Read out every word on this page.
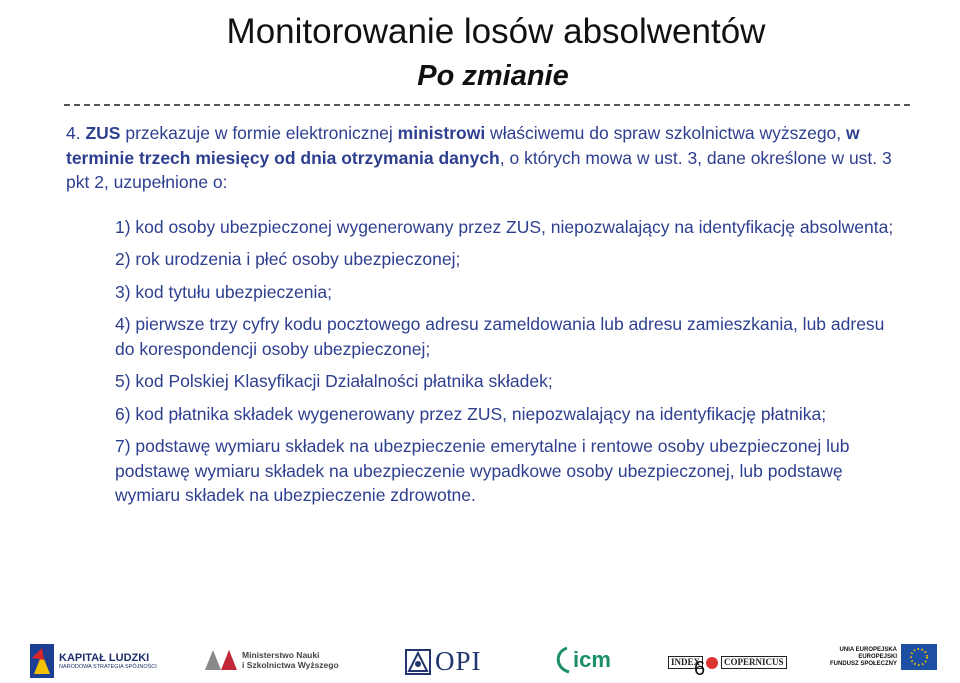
Monitorowanie losów absolwentów
Po zmianie

4. ZUS przekazuje w formie elektronicznej ministrowi właściwemu do spraw szkolnictwa wyższego, w terminie trzech miesięcy od dnia otrzymania danych, o których mowa w ust. 3, dane określone w ust. 3 pkt 2, uzupełnione o:

1) kod osoby ubezpieczonej wygenerowany przez ZUS, niepozwalający na identyfikację absolwenta;
2) rok urodzenia i płeć osoby ubezpieczonej;
3) kod tytułu ubezpieczenia;
4) pierwsze trzy cyfry kodu pocztowego adresu zameldowania lub adresu zamieszkania, lub adresu do korespondencji osoby ubezpieczonej;
5) kod Polskiej Klasyfikacji Działalności płatnika składek;
6) kod płatnika składek wygenerowany przez ZUS, niepozwalający na identyfikację płatnika;
7) podstawę wymiaru składek na ubezpieczenie emerytalne i rentowe osoby ubezpieczonej lub podstawę wymiaru składek na ubezpieczenie wypadkowe osoby ubezpieczonej, lub podstawę wymiaru składek na ubezpieczenie zdrowotne.
KAPITAŁ LUDZKI
NARODOWA STRATEGIA SPÓJNOŚCI
Ministerstwo Nauki
i Szkolnictwa Wyższego	OPI	icm	INDEX	COPERNICUS
UNIA EUROPEJSKA
EUROPEJSKI
FUNDUSZ SPOŁECZNY
6
